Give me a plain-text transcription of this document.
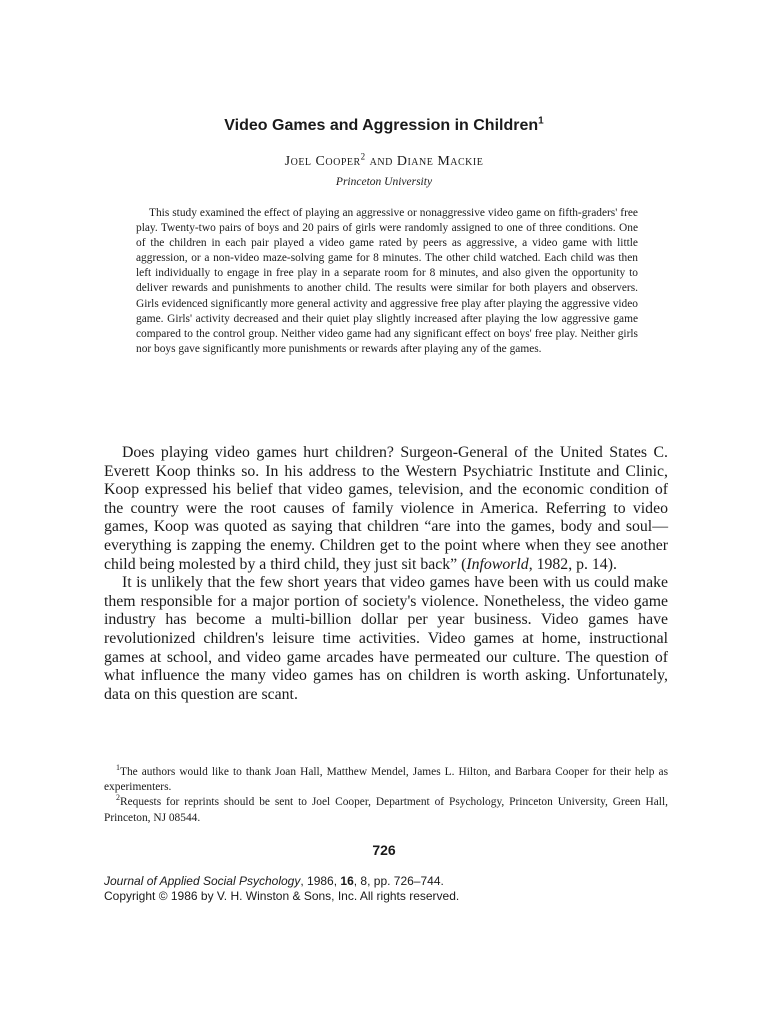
Video Games and Aggression in Children$^1$
Joel Cooper$^2$ and Diane Mackie
Princeton University

This study examined the effect of playing an aggressive or nonaggressive video game on fifth-graders' free play. Twenty-two pairs of boys and 20 pairs of girls were randomly assigned to one of three conditions. One of the children in each pair played a video game rated by peers as aggressive, a video game with little aggression, or a non-video maze-solving game for 8 minutes. The other child watched. Each child was then left individually to engage in free play in a separate room for 8 minutes, and also given the opportunity to deliver rewards and punishments to another child. The results were similar for both players and observers. Girls evidenced significantly more general activity and aggressive free play after playing the aggressive video game. Girls' activity decreased and their quiet play slightly increased after playing the low aggressive game compared to the control group. Neither video game had any significant effect on boys' free play. Neither girls nor boys gave significantly more punishments or rewards after playing any of the games.

Does playing video games hurt children? Surgeon-General of the United States C. Everett Koop thinks so. In his address to the Western Psychiatric Institute and Clinic, Koop expressed his belief that video games, television, and the economic condition of the country were the root causes of family violence in America. Referring to video games, Koop was quoted as saying that children “are into the games, body and soul—everything is zapping the enemy. Children get to the point where when they see another child being molested by a third child, they just sit back” (Infoworld, 1982, p. 14).

It is unlikely that the few short years that video games have been with us could make them responsible for a major portion of society's violence. Nonetheless, the video game industry has become a multi-billion dollar per year business. Video games have revolutionized children's leisure time activities. Video games at home, instructional games at school, and video game arcades have permeated our culture. The question of what influence the many video games has on children is worth asking. Unfortunately, data on this question are scant.

$^1$The authors would like to thank Joan Hall, Matthew Mendel, James L. Hilton, and Barbara Cooper for their help as experimenters.

$^2$Requests for reprints should be sent to Joel Cooper, Department of Psychology, Princeton University, Green Hall, Princeton, NJ 08544.

726
Journal of Applied Social Psychology, 1986, 16, 8, pp. 726–744.
Copyright © 1986 by V. H. Winston & Sons, Inc. All rights reserved.
